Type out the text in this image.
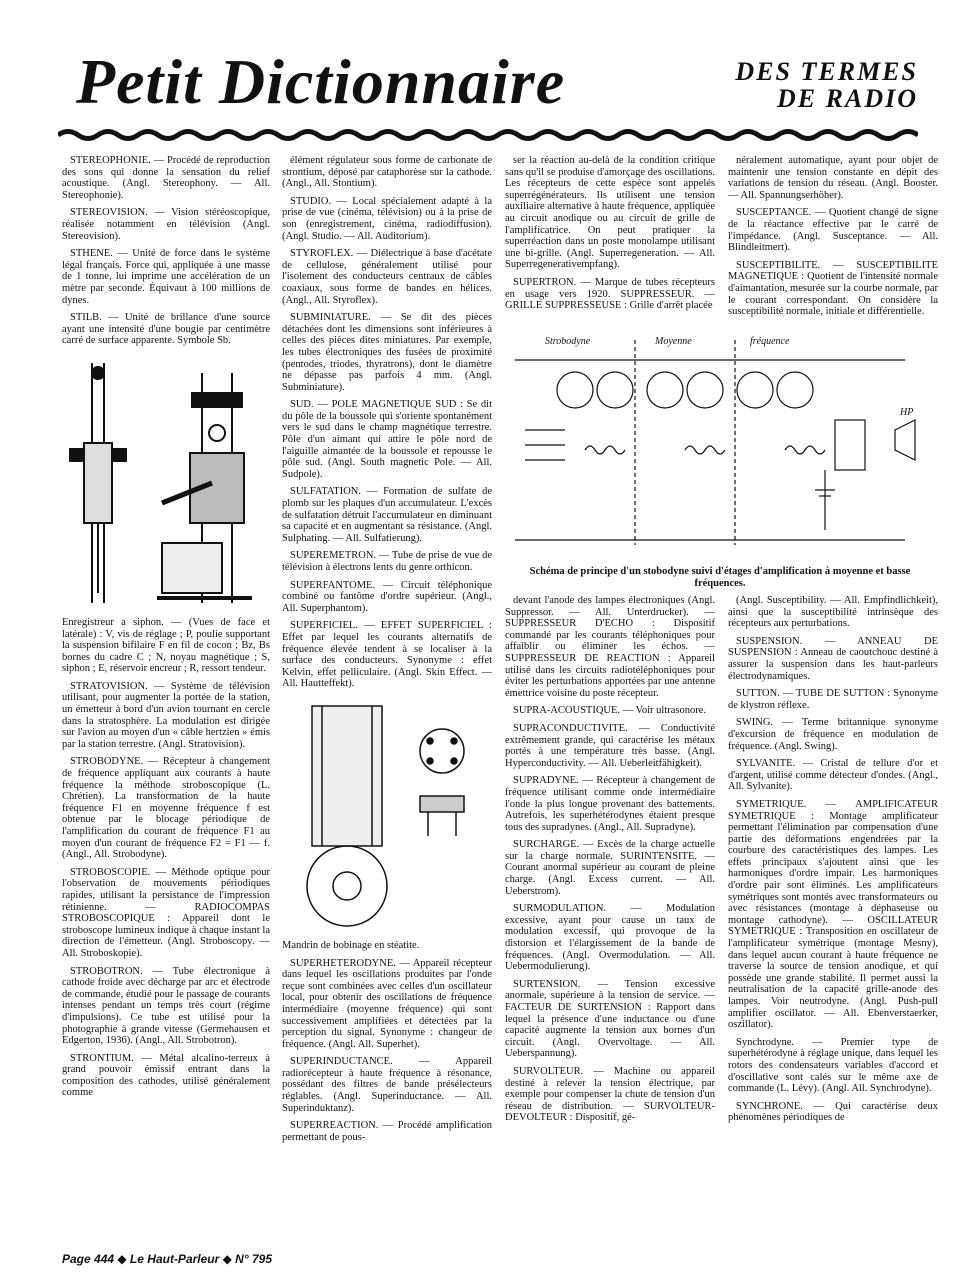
Petit Dictionnaire	DES TERMES
DE RADIO

STEREOPHONIE. — Procédé de reproduction des sons qui donne la sensation du relief acoustique. (Angl. Stereophony. — All. Stereophonie).

STEREOVISION. — Vision stéréoscopique, réalisée notamment en télévision (Angl. Stereovision).

STHENE. — Unité de force dans le système légal français. Force qui, appliquée à une masse de 1 tonne, lui imprime une accélération de un mètre par seconde. Équivaut à 100 millions de dynes.

STILB. — Unité de brillance d'une source ayant une intensité d'une bougie par centimètre carré de surface apparente. Symbole Sb.

Enregistreur a siphon. — (Vues de face et latérale) : V, vis de réglage ; P, poulie supportant la suspension bifilaire F en fil de cocon ; Bz, Bs bornes du cadre C ; N, noyau magnétique ; S, siphon ; E, réservoir encreur ; R, ressort tendeur.

STRATOVISION. — Système de télévision utilisant, pour augmenter la portée de la station, un émetteur à bord d'un avion tournant en cercle dans la stratosphère. La modulation est dirigée sur l'avion au moyen d'un « câble hertzien » émis par la station terrestre. (Angl. Stratovision).

STROBODYNE. — Récepteur à changement de fréquence appliquant aux courants à haute fréquence la méthode stroboscopique (L. Chrétien). La transformation de la haute fréquence F1 en moyenne fréquence f est obtenue par le blocage périodique de l'amplification du courant de fréquence F1 au moyen d'un courant de fréquence F2 = F1 — f. (Angl., All. Strobodyne).

STROBOSCOPIE. — Méthode optique pour l'observation de mouvements périodiques rapides, utilisant la persistance de l'impression rétinienne. — RADIOCOMPAS STROBOSCOPIQUE : Appareil dont le stroboscope lumineux indique à chaque instant la direction de l'émetteur. (Angl. Stroboscopy. — All. Stroboskopie).

STROBOTRON. — Tube électronique à cathode froide avec décharge par arc et électrode de commande, étudié pour le passage de courants intenses pendant un temps très court (régime d'impulsions). Ce tube est utilisé pour la photographie à grande vitesse (Germehausen et Edgerton, 1936). (Angl., All. Strobotron).

STRONTIUM. — Métal alcalino-terreux à grand pouvoir émissif entrant dans la composition des cathodes, utilisé généralement comme

élément régulateur sous forme de carbonate de strontium, déposé par cataphorèse sur la cathode. (Angl., All. Stontium).

STUDIO. — Local spécialement adapté à la prise de vue (cinéma, télévision) ou à la prise de son (enregistrement, cinéma, radiodiffusion). (Angl. Studio. — All. Auditorium).

STYROFLEX. — Diélectrique à base d'acétate de cellulose, généralement utilisé pour l'isolement des conducteurs centraux de câbles coaxiaux, sous forme de bandes en hélices. (Angl., All. Styroflex).

SUBMINIATURE. — Se dit des pièces détachées dont les dimensions sont inférieures à celles des pièces dites miniatures. Par exemple, les tubes électroniques des fusées de proximité (pentodes, triodes, thyratrons), dont le diamètre ne dépasse pas parfois 4 mm. (Angl. Subminiature).

SUD. — POLE MAGNETIQUE SUD : Se dit du pôle de la boussole qui s'oriente spontanément vers le sud dans le champ magnétique terrestre. Pôle d'un aimant qui attire le pôle nord de l'aiguille aimantée de la boussole et repousse le pôle sud. (Angl. South magnetic Pole. — All. Sudpole).

SULFATATION. — Formation de sulfate de plomb sur les plaques d'un accumulateur. L'excès de sulfatation détruit l'accumulateur en diminuant sa capacité et en augmentant sa résistance. (Angl. Sulphating. — All. Sulfatierung).

SUPEREMETRON. — Tube de prise de vue de télévision à électrons lents du genre orthicon.

SUPERFANTOME. — Circuit téléphonique combiné ou fantôme d'ordre supérieur. (Angl., All. Superphantom).

SUPERFICIEL. — EFFET SUPERFICIEL : Effet par lequel les courants alternatifs de fréquence élevée tendent à se localiser à la surface des conducteurs. Synonyme : effet Kelvin, effet pelliculaire. (Angl. Skin Effect. — All. Hautteffekt).

Mandrin de bobinage en stéatite.

SUPERHETERODYNE. — Appareil récepteur dans lequel les oscillations produites par l'onde reçue sont combinées avec celles d'un oscillateur local, pour obtenir des oscillations de fréquence intermédiaire (moyenne fréquence) qui sont successivement amplifiées et détectées par la perception du signal. Synonyme : changeur de fréquence. (Angl. All. Superhet).

SUPERINDUCTANCE. — Appareil radiorécepteur à haute fréquence à résonance, possédant des filtres de bande présélecteurs réglables. (Angl. Superinductance. — All. Superinduktanz).

SUPERREACTION. — Procédé amplification permettant de pous-

ser la réaction au-delà de la condition critique sans qu'il se produise d'amorçage des oscillations. Les récepteurs de cette espèce sont appelés superrégénérateurs. Ils utilisent une tension auxiliaire alternative à haute fréquence, appliquée au circuit anodique ou au circuit de grille de l'amplificatrice. On peut pratiquer la superréaction dans un poste monolampe utilisant une bi-grille. (Angl. Superregeneration. — All. Superregenerativempfang).

SUPERTRON. — Marque de tubes récepteurs en usage vers 1920. SUPPRESSEUR. — GRILLE SUPPRESSEUSE : Grille d'arrêt placée

néralement automatique, ayant pour objet de maintenir une tension constante en dépit des variations de tension du réseau. (Angl. Booster. — All. Spannungserhöher).

SUSCEPTANCE. — Quotient changé de signe de la réactance effective par le carré de l'impédance. (Angl. Susceptance. — All. Blindleitmert).

SUSCEPTIBILITE. — SUSCEPTIBILITE MAGNETIQUE : Quotient de l'intensité normale d'aimantation, mesurée sur la courbe normale, par le courant correspondant. On considère la susceptibilité normale, initiale et différentielle.

Strobodyne	Moyenne	fréquence
HP
Schéma de principe d'un stobodyne suivi d'étages d'amplification à moyenne et basse fréquences.

devant l'anode des lampes électroniques (Angl. Suppressor. — All. Unterdrucker). — SUPPRESSEUR D'ECHO : Dispositif commandé par les courants téléphoniques pour affaiblir ou éliminer les échos. — SUPPRESSEUR DE REACTION : Appareil utilisé dans les circuits radiotéléphoniques pour éviter les perturbations apportées par une antenne émettrice voisine du poste récepteur.

SUPRA-ACOUSTIQUE. — Voir ultrasonore.

SUPRACONDUCTIVITE. — Conductivité extrêmement grande, qui caractérise les métaux portés à une température très basse. (Angl. Hyperconductivity. — All. Ueberleitfähigkeit).

SUPRADYNE. — Récepteur à changement de fréquence utilisant comme onde intermédiaire l'onde la plus longue provenant des battements. Autrefois, les superhétérodynes étaient presque tous des supradynes. (Angl., All. Supradyne).

SURCHARGE. — Excès de la charge actuelle sur la charge normale. SURINTENSITE. — Courant anormal supérieur au courant de pleine charge. (Angl. Excess current. — All. Ueberstrom).

SURMODULATION. — Modulation excessive, ayant pour cause un taux de modulation excessif, qui provoque de la distorsion et l'élargissement de la bande de fréquences. (Angl. Overmodulation. — All. Uebermodulierung).

SURTENSION. — Tension excessive anormale, supérieure à la tension de service. — FACTEUR DE SURTENSION : Rapport dans lequel la présence d'une inductance ou d'une capacité augmente la tension aux bornes d'un circuit. (Angl. Overvoltage. — All. Ueberspannung).

SURVOLTEUR. — Machine ou appareil destiné à relever la tension électrique, par exemple pour compenser la chute de tension d'un réseau de distribution. — SURVOLTEUR-DEVOLTEUR : Dispositif, gé-

(Angl. Susceptibility. — All. Empfindlichkeit), ainsi que la susceptibilité intrinsèque des récepteurs aux perturbations.

SUSPENSION. — ANNEAU DE SUSPENSION : Anneau de caoutchouc destiné à assurer la suspension dans les haut-parleurs électrodynamiques.

SUTTON. — TUBE DE SUTTON : Synonyme de klystron réflexe.

SWING. — Terme britannique synonyme d'excursion de fréquence en modulation de fréquence. (Angl. Swing).

SYLVANITE. — Cristal de tellure d'or et d'argent, utilisé comme détecteur d'ondes. (Angl., All. Sylvanite).

SYMETRIQUE. — AMPLIFICATEUR SYMETRIQUE : Montage amplificateur permettant l'élimination par compensation d'une partie des déformations engendrées par la courbure des caractéristiques des lampes. Les effets principaux s'ajoutent ainsi que les harmoniques d'ordre impair. Les harmoniques d'ordre pair sont éliminés. Les amplificateurs symétriques sont montés avec transformateurs ou avec résistances (montage à déphaseuse ou montage cathodyne). — OSCILLATEUR SYMETRIQUE : Transposition en oscillateur de l'amplificateur symétrique (montage Mesny), dans lequel aucun courant à haute fréquence ne traverse la source de tension anodique, et qui possède une grande stabilité. Il permet aussi la neutralisation de la capacité grille-anode des lampes. Voir neutrodyne. (Angl. Push-pull amplifier oscillator. — All. Ebenverstaerker, oszillator).

Synchrodyne. — Premier type de superhétérodyne à réglage unique, dans lequel les rotors des condensateurs variables d'accord et d'oscillative sont calés sur le même axe de commande (L. Lévy). (Angl. All. Synchrodyne).

SYNCHRONE. — Qui caractérise deux phénomènes périodiques de

Page 444 ◆ Le Haut-Parleur ◆ N° 795
